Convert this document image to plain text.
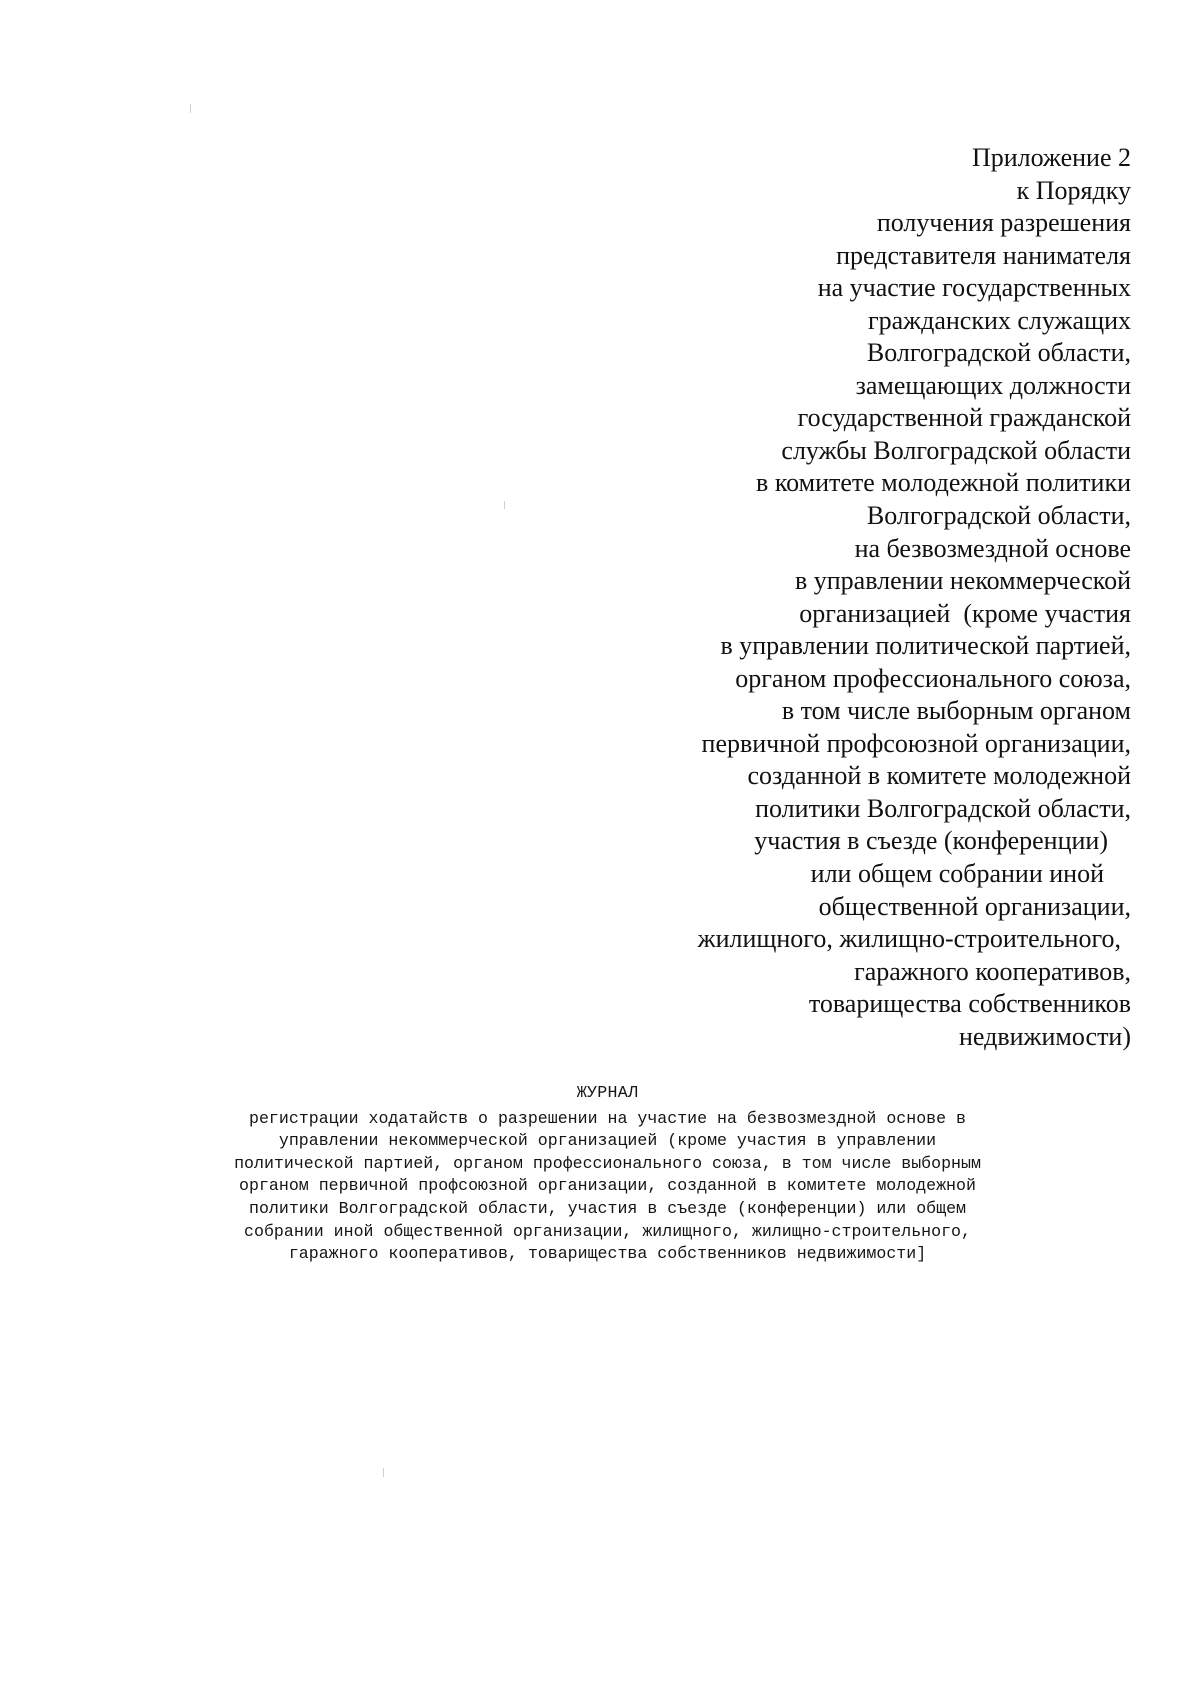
Приложение 2
к Порядку
получения разрешения
представителя нанимателя
на участие государственных
гражданских служащих
Волгоградской области,
замещающих должности
государственной гражданской
службы Волгоградской области
в комитете молодежной политики
Волгоградской области,
на безвозмездной основе
в управлении некоммерческой
организацией  (кроме участия
в управлении политической партией,
органом профессионального союза,
в том числе выборным органом
первичной профсоюзной организации,
созданной в комитете молодежной
политики Волгоградской области,
участия в съезде (конференции)
или общем собрании иной
общественной организации,
жилищного, жилищно-строительного,
гаражного кооперативов,
товарищества собственников
недвижимости)
ЖУРНАЛ
регистрации ходатайств о разрешении на участие на безвозмездной основе в
управлении некоммерческой организацией (кроме участия в управлении
политической партией, органом профессионального союза, в том числе выборным
органом первичной профсоюзной организации, созданной в комитете молодежной
политики Волгоградской области, участия в съезде (конференции) или общем
собрании иной общественной организации, жилищного, жилищно-строительного,
гаражного кооперативов, товарищества собственников недвижимости]
